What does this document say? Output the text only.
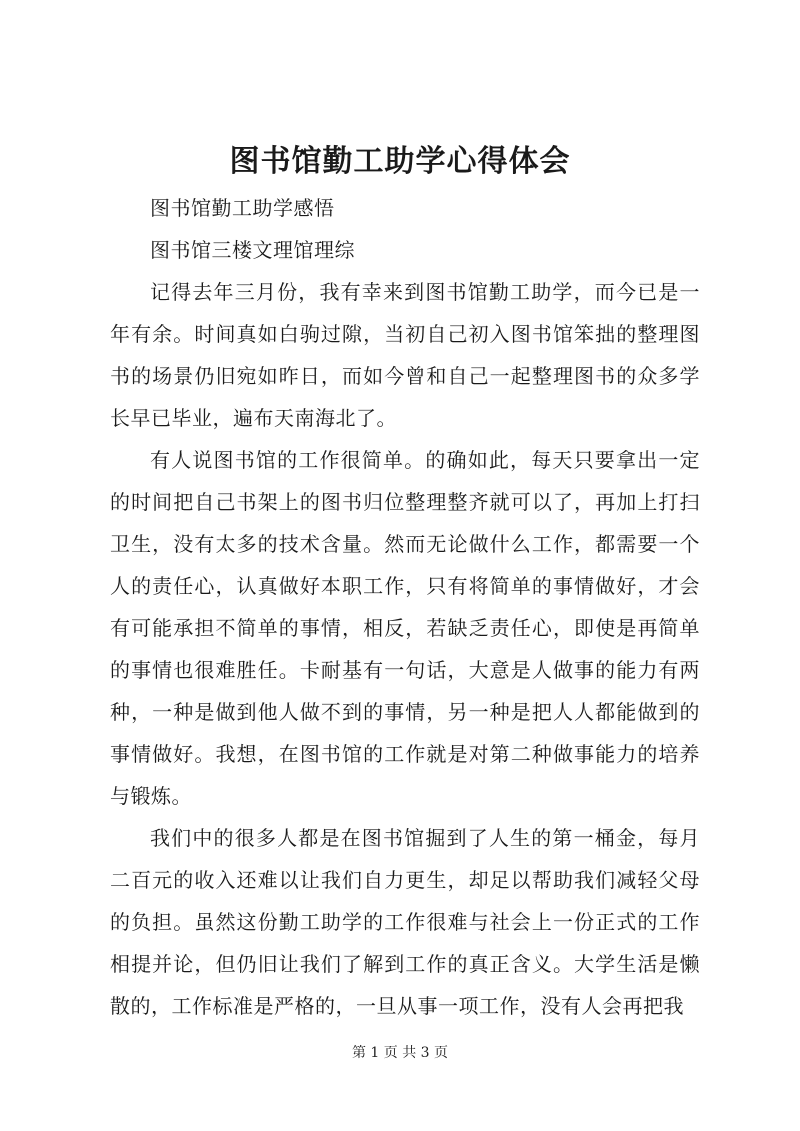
图书馆勤工助学心得体会

图书馆勤工助学感悟

图书馆三楼文理馆理综

记得去年三月份，我有幸来到图书馆勤工助学，而今已是一年有余。时间真如白驹过隙，当初自己初入图书馆笨拙的整理图书的场景仍旧宛如昨日，而如今曾和自己一起整理图书的众多学长早已毕业，遍布天南海北了。

有人说图书馆的工作很简单。的确如此，每天只要拿出一定的时间把自己书架上的图书归位整理整齐就可以了，再加上打扫卫生，没有太多的技术含量。然而无论做什么工作，都需要一个人的责任心，认真做好本职工作，只有将简单的事情做好，才会有可能承担不简单的事情，相反，若缺乏责任心，即使是再简单的事情也很难胜任。卡耐基有一句话，大意是人做事的能力有两种，一种是做到他人做不到的事情，另一种是把人人都能做到的事情做好。我想，在图书馆的工作就是对第二种做事能力的培养与锻炼。

我们中的很多人都是在图书馆掘到了人生的第一桶金，每月二百元的收入还难以让我们自力更生，却足以帮助我们减轻父母的负担。虽然这份勤工助学的工作很难与社会上一份正式的工作相提并论，但仍旧让我们了解到工作的真正含义。大学生活是懒散的，工作标准是严格的，一旦从事一项工作，没有人会再把我

第 1 页 共 3 页
